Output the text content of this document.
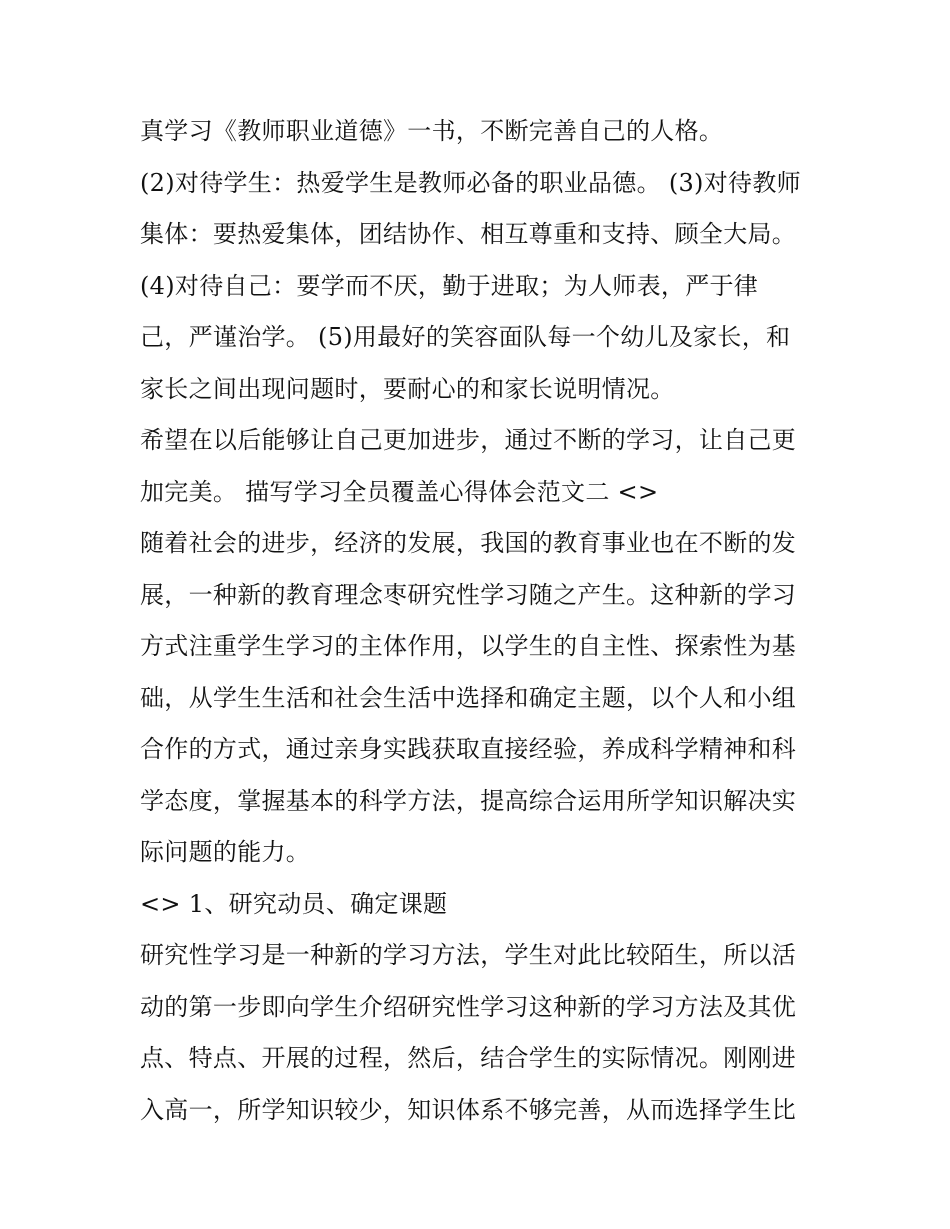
真学习《教师职业道德》一书，不断完善自己的人格。
(2)对待学生：热爱学生是教师必备的职业品德。 (3)对待教师
集体：要热爱集体，团结协作、相互尊重和支持、顾全大局。
(4)对待自己：要学而不厌，勤于进取；为人师表，严于律
己，严谨治学。 (5)用最好的笑容面队每一个幼儿及家长，和
家长之间出现问题时，要耐心的和家长说明情况。
希望在以后能够让自己更加进步，通过不断的学习，让自己更
加完美。 描写学习全员覆盖心得体会范文二 <>
随着社会的进步，经济的发展，我国的教育事业也在不断的发
展，一种新的教育理念枣研究性学习随之产生。这种新的学习
方式注重学生学习的主体作用，以学生的自主性、探索性为基
础，从学生生活和社会生活中选择和确定主题，以个人和小组
合作的方式，通过亲身实践获取直接经验，养成科学精神和科
学态度，掌握基本的科学方法，提高综合运用所学知识解决实
际问题的能力。
<> 1、研究动员、确定课题
研究性学习是一种新的学习方法，学生对此比较陌生，所以活
动的第一步即向学生介绍研究性学习这种新的学习方法及其优
点、特点、开展的过程，然后，结合学生的实际情况。刚刚进
入高一，所学知识较少，知识体系不够完善，从而选择学生比
